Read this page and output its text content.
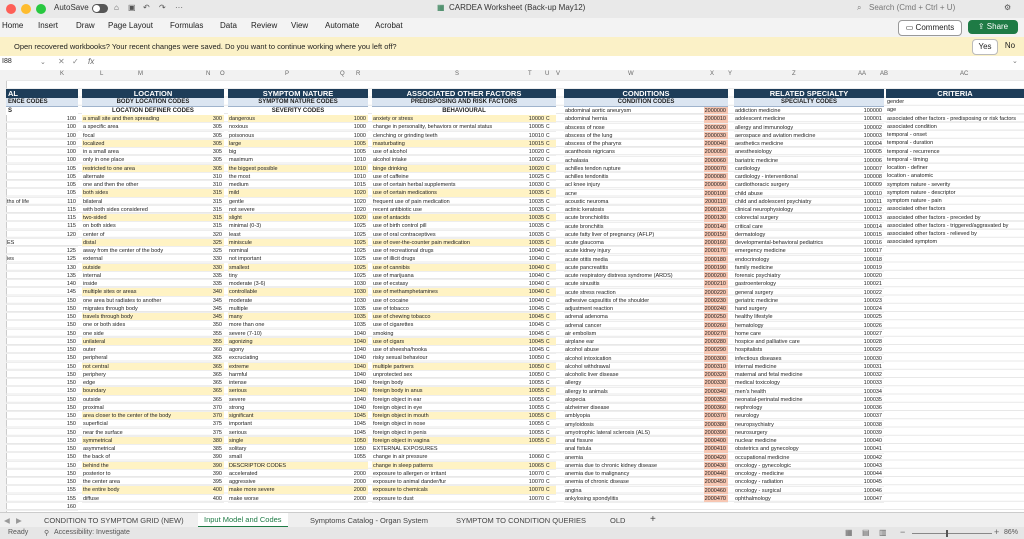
AutoSave	⌂ ▣ ↶ ↷ ···	▦ CARDEA Worksheet (Back-up May12)	⌕ Search (Cmd + Ctrl + U)	⚙
Home Insert Draw Page Layout Formulas Data Review View Automate Acrobat	▭ Comments	⇪ Share
Open recovered workbooks? Your recent changes were saved. Do you want to continue working where you left off?	Yes	No
I88	⌄ ✕ ✓ fx	⌄
K	L	M	N O	P	Q R	S	T U V	W	X Y	Z	AA AB	AC
AL
ENCE CODES
S
100
100
100
100
100
100
105
105
105
105
ths of life	110
115
115
115
120
ES
125
ies	125
130
135
140
145
150
150
150
150
150
150
150
150
150
150
150
150
150
150
150
150
150
150
150
150
150
150
150
155
155
160
LOCATION
BODY LOCATION CODES
LOCATION DEFINER CODES
a small site and then spreading	300
a specific area	305
focal	305
localized	305
in a small area	305
only in one place	305
restricted to one area	305
alternate	310
one and then the other	310
both sides	315
bilateral	315
with both sides considered	315
two-sided	315
on both sides	315
center of	320
distal	325
away from the center of the body	325
external	330
outside	330
internal	335
inside	335
multiple sites or areas	340
one area but radiates to another	345
migrates through body	345
travels through body	345
one or both sides	350
one side	355
unilateral	355
outer	360
peripheral	365
not central	365
periphery	365
edge	365
boundary	365
outside	365
proximal	370
area closer to the center of the body	370
superficial	375
near the surface	375
symmetrical	380
asymmetrical	385
the back of	390
behind the	390
posterior to	390
the center area	395
the entire body	400
diffuse	400
SYMPTOM NATURE
SYMPTOM NATURE CODES
SEVERITY CODES
dangerous	1000
noxious	1000
poisonous	1000
large	1005
big	1005
maximum	1010
the biggest possible	1010
the most	1010
medium	1015
mild	1020
gentle	1020
not severe	1020
slight	1020
minimal (0-3)	1025
least	1025
miniscule	1025
nominal	1025
not important	1025
smallest	1025
tiny	1025
moderate (3-6)	1030
controllable	1030
moderate	1030
multiple	1035
many	1035
more than one	1035
severe (7-10)	1040
agonizing	1040
agony	1040
excruciating	1040
extreme	1040
harmful	1040
intense	1040
serious	1040
severe	1040
strong	1040
significant	1045
important	1045
serious	1045
single	1050
solitary	1050
small	1055
DESCRIPTOR CODES
accelerated	2000
aggressive	2000
make more severe	2000
make worse	2000
ASSOCIATED OTHER FACTORS
PREDISPOSING AND RISK FACTORS
BEHAVIOURAL
anxiety or stress	10000 C
change in personality, behaviors or mental status	10005 C
clenching or grinding teeth	10010 C
masturbating	10015 C
use of alcohol	10020 C
alcohol intake	10020 C
binge drinking	10020 C
use of caffeine	10025 C
use of certain herbal supplements	10030 C
use of certain medications	10035 C
frequent use of pain medication	10035 C
recent antibiotic use	10035 C
use of antacids	10035 C
use of birth control pill	10035 C
use of oral contraceptives	10035 C
use of over-the-counter pain medication	10035 C
use of recreational drugs	10040 C
use of illicit drugs	10040 C
use of cannibis	10040 C
use of marijuana	10040 C
use of ecstasy	10040 C
use of methamphetamines	10040 C
use of cocaine	10040 C
use of tobacco	10045 C
use of chewing tobacco	10045 C
use of cigarettes	10045 C
smoking	10045 C
use of cigars	10045 C
use of sheesha/hooka	10045 C
risky sexual behaviour	10050 C
multiple partners	10050 C
unprotected sex	10050 C
foreign body	10055 C
foreign body in anus	10055 C
foreign object in ear	10055 C
foreign object in eye	10055 C
foreign object in mouth	10055 C
foreign object in nose	10055 C
foreign object in penis	10055 C
foreign object in vagina	10055 C
EXTERNAL EXPOSURES
change in air pressure	10060 C
change in sleep patterns	10065 C
exposure to allergen or irritant	10070 C
exposure to animal dander/fur	10070 C
exposure to chemicals	10070 C
exposure to dust	10070 C
CONDITIONS
CONDITION CODES
abdominal aortic aneurysm	2000000
abdominal hernia	2000010
abscess of nose	2000020
abscess of the lung	2000030
abscess of the pharynx	2000040
acanthosis nigricans	2000050
achalasia	2000060
achilles tendon rupture	2000070
achilles tendonitis	2000080
acl knee injury	2000090
acne	2000100
acoustic neuroma	2000110
actinic keratosis	2000120
acute bronchiolitis	2000130
acute bronchitis	2000140
acute fatty liver of pregnancy (AFLP)	2000150
acute glaucoma	2000160
acute kidney injury	2000170
acute otitis media	2000180
acute pancreatitis	2000190
acute respiratory distress syndrome (ARDS)	2000200
acute sinusitis	2000210
acute stress reaction	2000220
adhesive capsulitis of the shoulder	2000230
adjustment reaction	2000240
adrenal adenoma	2000250
adrenal cancer	2000260
air embolism	2000270
airplane ear	2000280
alcohol abuse	2000290
alcohol intoxication	2000300
alcohol withdrawal	2000310
alcoholic liver disease	2000320
allergy	2000330
allergy to animals	2000340
alopecia	2000350
alzheimer disease	2000360
amblyopia	2000370
amyloidosis	2000380
amyotrophic lateral sclerosis (ALS)	2000390
anal fissure	2000400
anal fistula	2000410
anemia	2000420
anemia due to chronic kidney disease	2000430
anemia due to malignancy	2000440
anemia of chronic disease	2000450
angina	2000460
ankylosing spondylitis	2000470
RELATED SPECIALTY
SPECIALTY CODES
addiction medicine	100000
adolescent medicine	100001
allergy and immunology	100002
aerospace and aviation medicine	100003
aesthetics medicine	100004
anesthesiology	100005
bariatric medicine	100006
cardiology	100007
cardiology - interventional	100008
cardiothoracic surgery	100009
child abuse	100010
child and adolescent psychiatry	100011
clinical neurophysiology	100012
colorectal surgery	100013
critical care	100014
dermatology	100015
developmental-behavioral pediatrics	100016
emergency medicine	100017
endocrinology	100018
family medicine	100019
forensic psychiatry	100020
gastroenterology	100021
general surgery	100022
geriatric medicine	100023
hand surgery	100024
healthy lifestyle	100025
hematology	100026
home care	100027
hospice and palliative care	100028
hospitalists	100029
infectious diseases	100030
internal medicine	100031
maternal and fetal medicine	100032
medical toxicology	100033
men's health	100034
neonatal-perinatal medicine	100035
nephrology	100036
neurology	100037
neuropsychiatry	100038
neurosurgery	100039
nuclear medicine	100040
obstetrics and gynecology	100041
occupational medicine	100042
oncology - gynecologic	100043
oncology - medicine	100044
oncology - radiation	100045
oncology - surgical	100046
ophthalmology	100047
CRITERIA
gender
age
associated other factors - predisposing or risk factors
associated condition
temporal - onset
temporal - duration
temporal - recurrence
temporal - timing
location - definer
location - anatomic
symptom nature - severity
symptom nature - descriptor
symptom nature - pain
associated other factors
associated other factors - preceded by
associated other factors - triggered/aggravated by
associated other factors - relieved by
associated symptom
◀ ▶	CONDITION TO SYMPTOM GRID (NEW)	Input Model and Codes	Symptoms Catalog - Organ System	SYMPTOM TO CONDITION QUERIES	OLD +
Ready ⚲ Accessibility: Investigate	▦ ▤ ▥ −	+ 86%
